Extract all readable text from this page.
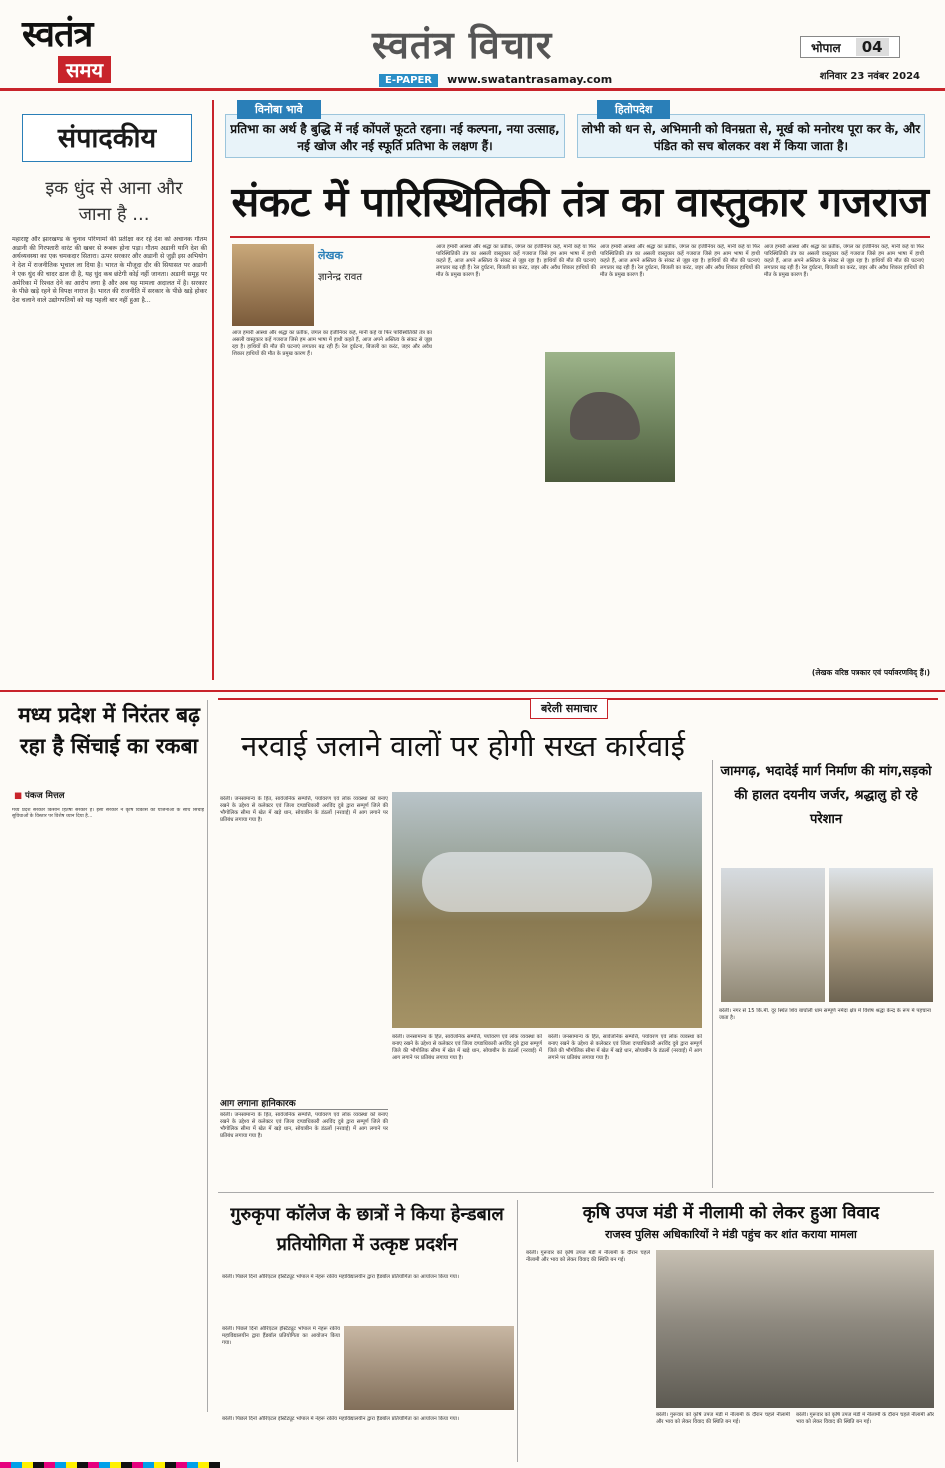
स्वतंत्र
समय
स्वतंत्र विचार
E-PAPER www.swatantrasamay.com
भोपाल 04
शनिवार 23 नवंबर 2024
संपादकीय
इक धुंद से आना और जाना है ...
महाराष्ट्र और झारखण्ड के चुनाव परिणामों की प्रतीक्षा कर रहे देश को अचानक गौतम अडानी की गिरफ्तारी वारंट की खबर से रूबरू होना पड़ा। गौतम अडानी यानि देश की अर्थव्यवस्था का एक चमकदार सितारा। ऊपर सरकार और अडानी से जुड़ी इस अभियोग ने देश में राजनीतिक भूचाल ला दिया है। भारत के मौजूदा दौर की सियासत पर अडानी ने एक धुंद की चादर ढाल दी है, यह धुंद कब छंटेगी कोई नहीं जानता। अडानी समूह पर अमेरिका में रिश्वत देने का आरोप लगा है और अब यह मामला अदालत में है। सरकार के पीछे खड़े रहने से विपक्ष नाराज है। भारत की राजनीति में सरकार के पीछे खड़े होकर देश चलाने वाले उद्योगपतियों को यह पहली बार नहीं हुआ है...
प्रतिभा का अर्थ है बुद्धि में नई कोंपलें फूटते रहना। नई कल्पना, नया उत्साह, नई खोज और नई स्फूर्ति प्रतिभा के लक्षण हैं।
विनोबा भावे
लोभी को धन से, अभिमानी को विनम्रता से, मूर्ख को मनोरथ पूरा कर के, और पंडित को सच बोलकर वश में किया जाता है।
हितोपदेश
संकट में पारिस्थितिकी तंत्र का वास्तुकार गजराज
लेखक
ज्ञानेन्द्र रावत
आज हमारी आस्था और श्रद्धा का प्रतीक, जंगल का इंजीनियर कहे, मानी कहें या फिर पारिस्थितिकी तंत्र का असली वास्तुकार कहें गजराज जिसे हम आम भाषा में हाथी कहते हैं, आज अपने अस्तित्व के संकट से जूझ रहा है। हाथियों की मौत की घटनाएं लगातार बढ़ रही हैं। रेल दुर्घटना, बिजली का करंट, जहर और अवैध शिकार हाथियों की मौत के प्रमुख कारण हैं।
आज हमारी आस्था और श्रद्धा का प्रतीक, जंगल का इंजीनियर कहे, मानी कहें या फिर पारिस्थितिकी तंत्र का असली वास्तुकार कहें गजराज जिसे हम आम भाषा में हाथी कहते हैं, आज अपने अस्तित्व के संकट से जूझ रहा है। हाथियों की मौत की घटनाएं लगातार बढ़ रही हैं। रेल दुर्घटना, बिजली का करंट, जहर और अवैध शिकार हाथियों की मौत के प्रमुख कारण हैं।
आज हमारी आस्था और श्रद्धा का प्रतीक, जंगल का इंजीनियर कहे, मानी कहें या फिर पारिस्थितिकी तंत्र का असली वास्तुकार कहें गजराज जिसे हम आम भाषा में हाथी कहते हैं, आज अपने अस्तित्व के संकट से जूझ रहा है। हाथियों की मौत की घटनाएं लगातार बढ़ रही हैं। रेल दुर्घटना, बिजली का करंट, जहर और अवैध शिकार हाथियों की मौत के प्रमुख कारण हैं।
आज हमारी आस्था और श्रद्धा का प्रतीक, जंगल का इंजीनियर कहे, मानी कहें या फिर पारिस्थितिकी तंत्र का असली वास्तुकार कहें गजराज जिसे हम आम भाषा में हाथी कहते हैं, आज अपने अस्तित्व के संकट से जूझ रहा है। हाथियों की मौत की घटनाएं लगातार बढ़ रही हैं। रेल दुर्घटना, बिजली का करंट, जहर और अवैध शिकार हाथियों की मौत के प्रमुख कारण हैं।
(लेखक वरिष्ठ पत्रकार एवं पर्यावरणविद् हैं।)
मध्य प्रदेश में निरंतर बढ़ रहा है सिंचाई का रकबा
■ पंकज मित्तल
मध्य प्रदेश सरकार किसान हितैषी सरकार है। इसी सरकार ने कृषि विकास की योजनाओं के साथ सिंचाई सुविधाओं के विस्तार पर विशेष ध्यान दिया है...
बरेली समाचार
नरवाई जलाने वालों पर होगी सख्त कार्रवाई
बरेली। जनसामान्य के हित, सार्वजनिक सम्पत्ति, पर्यावरण एवं लोक व्यवस्था को बनाए रखने के उद्देश्य से कलेक्टर एवं जिला दण्डाधिकारी अरविंद दुबे द्वारा सम्पूर्ण जिले की भौगोलिक सीमा में खेत में खड़े धान, सोयाबीन के डंठलों (नरवाई) में आग लगाने पर प्रतिबंध लगाया गया है।
आग लगाना हानिकारक
बरेली। जनसामान्य के हित, सार्वजनिक सम्पत्ति, पर्यावरण एवं लोक व्यवस्था को बनाए रखने के उद्देश्य से कलेक्टर एवं जिला दण्डाधिकारी अरविंद दुबे द्वारा सम्पूर्ण जिले की भौगोलिक सीमा में खेत में खड़े धान, सोयाबीन के डंठलों (नरवाई) में आग लगाने पर प्रतिबंध लगाया गया है।
बरेली। जनसामान्य के हित, सार्वजनिक सम्पत्ति, पर्यावरण एवं लोक व्यवस्था को बनाए रखने के उद्देश्य से कलेक्टर एवं जिला दण्डाधिकारी अरविंद दुबे द्वारा सम्पूर्ण जिले की भौगोलिक सीमा में खेत में खड़े धान, सोयाबीन के डंठलों (नरवाई) में आग लगाने पर प्रतिबंध लगाया गया है।
बरेली। जनसामान्य के हित, सार्वजनिक सम्पत्ति, पर्यावरण एवं लोक व्यवस्था को बनाए रखने के उद्देश्य से कलेक्टर एवं जिला दण्डाधिकारी अरविंद दुबे द्वारा सम्पूर्ण जिले की भौगोलिक सीमा में खेत में खड़े धान, सोयाबीन के डंठलों (नरवाई) में आग लगाने पर प्रतिबंध लगाया गया है।
जामगढ़, भदादेई मार्ग निर्माण की मांग,सड़को की हालत दयनीय जर्जर, श्रद्धालु हो रहे परेशान
बरेली। नगर से 15 कि.मी. दूर स्थित शिव बाघोली धाम सम्पूर्ण नर्मदा क्षेत्र में विशेष श्रद्धा केन्द्र के रूप में पहचाना जाता है।
गुरुकृपा कॉलेज के छात्रों ने किया हेन्डबाल प्रतियोगिता में उत्कृष्ट प्रदर्शन
बरेली। पिछले दिनों ऑरिएंटल इंस्टिट्यूट भोपाल में नेहरू रकीय महाविद्यालयीन द्वारा हैंडबॉल प्रतियोगिता का आयोजन किया गया।
बरेली। पिछले दिनों ऑरिएंटल इंस्टिट्यूट भोपाल में नेहरू रकीय महाविद्यालयीन द्वारा हैंडबॉल प्रतियोगिता का आयोजन किया गया।
बरेली। पिछले दिनों ऑरिएंटल इंस्टिट्यूट भोपाल में नेहरू रकीय महाविद्यालयीन द्वारा हैंडबॉल प्रतियोगिता का आयोजन किया गया।
कृषि उपज मंडी में नीलामी को लेकर हुआ विवाद
राजस्व पुलिस अधिकारियों ने मंडी पहुंच कर शांत कराया मामला
बरेली। गुरूवार को कृषि उपज मंडी में नीलामी के दौरान चहले नीलामी और भाव को लेकर विवाद की स्थिति बन गई।
बरेली। गुरूवार को कृषि उपज मंडी में नीलामी के दौरान चहले नीलामी और भाव को लेकर विवाद की स्थिति बन गई।
बरेली। गुरूवार को कृषि उपज मंडी में नीलामी के दौरान चहले नीलामी और भाव को लेकर विवाद की स्थिति बन गई।
